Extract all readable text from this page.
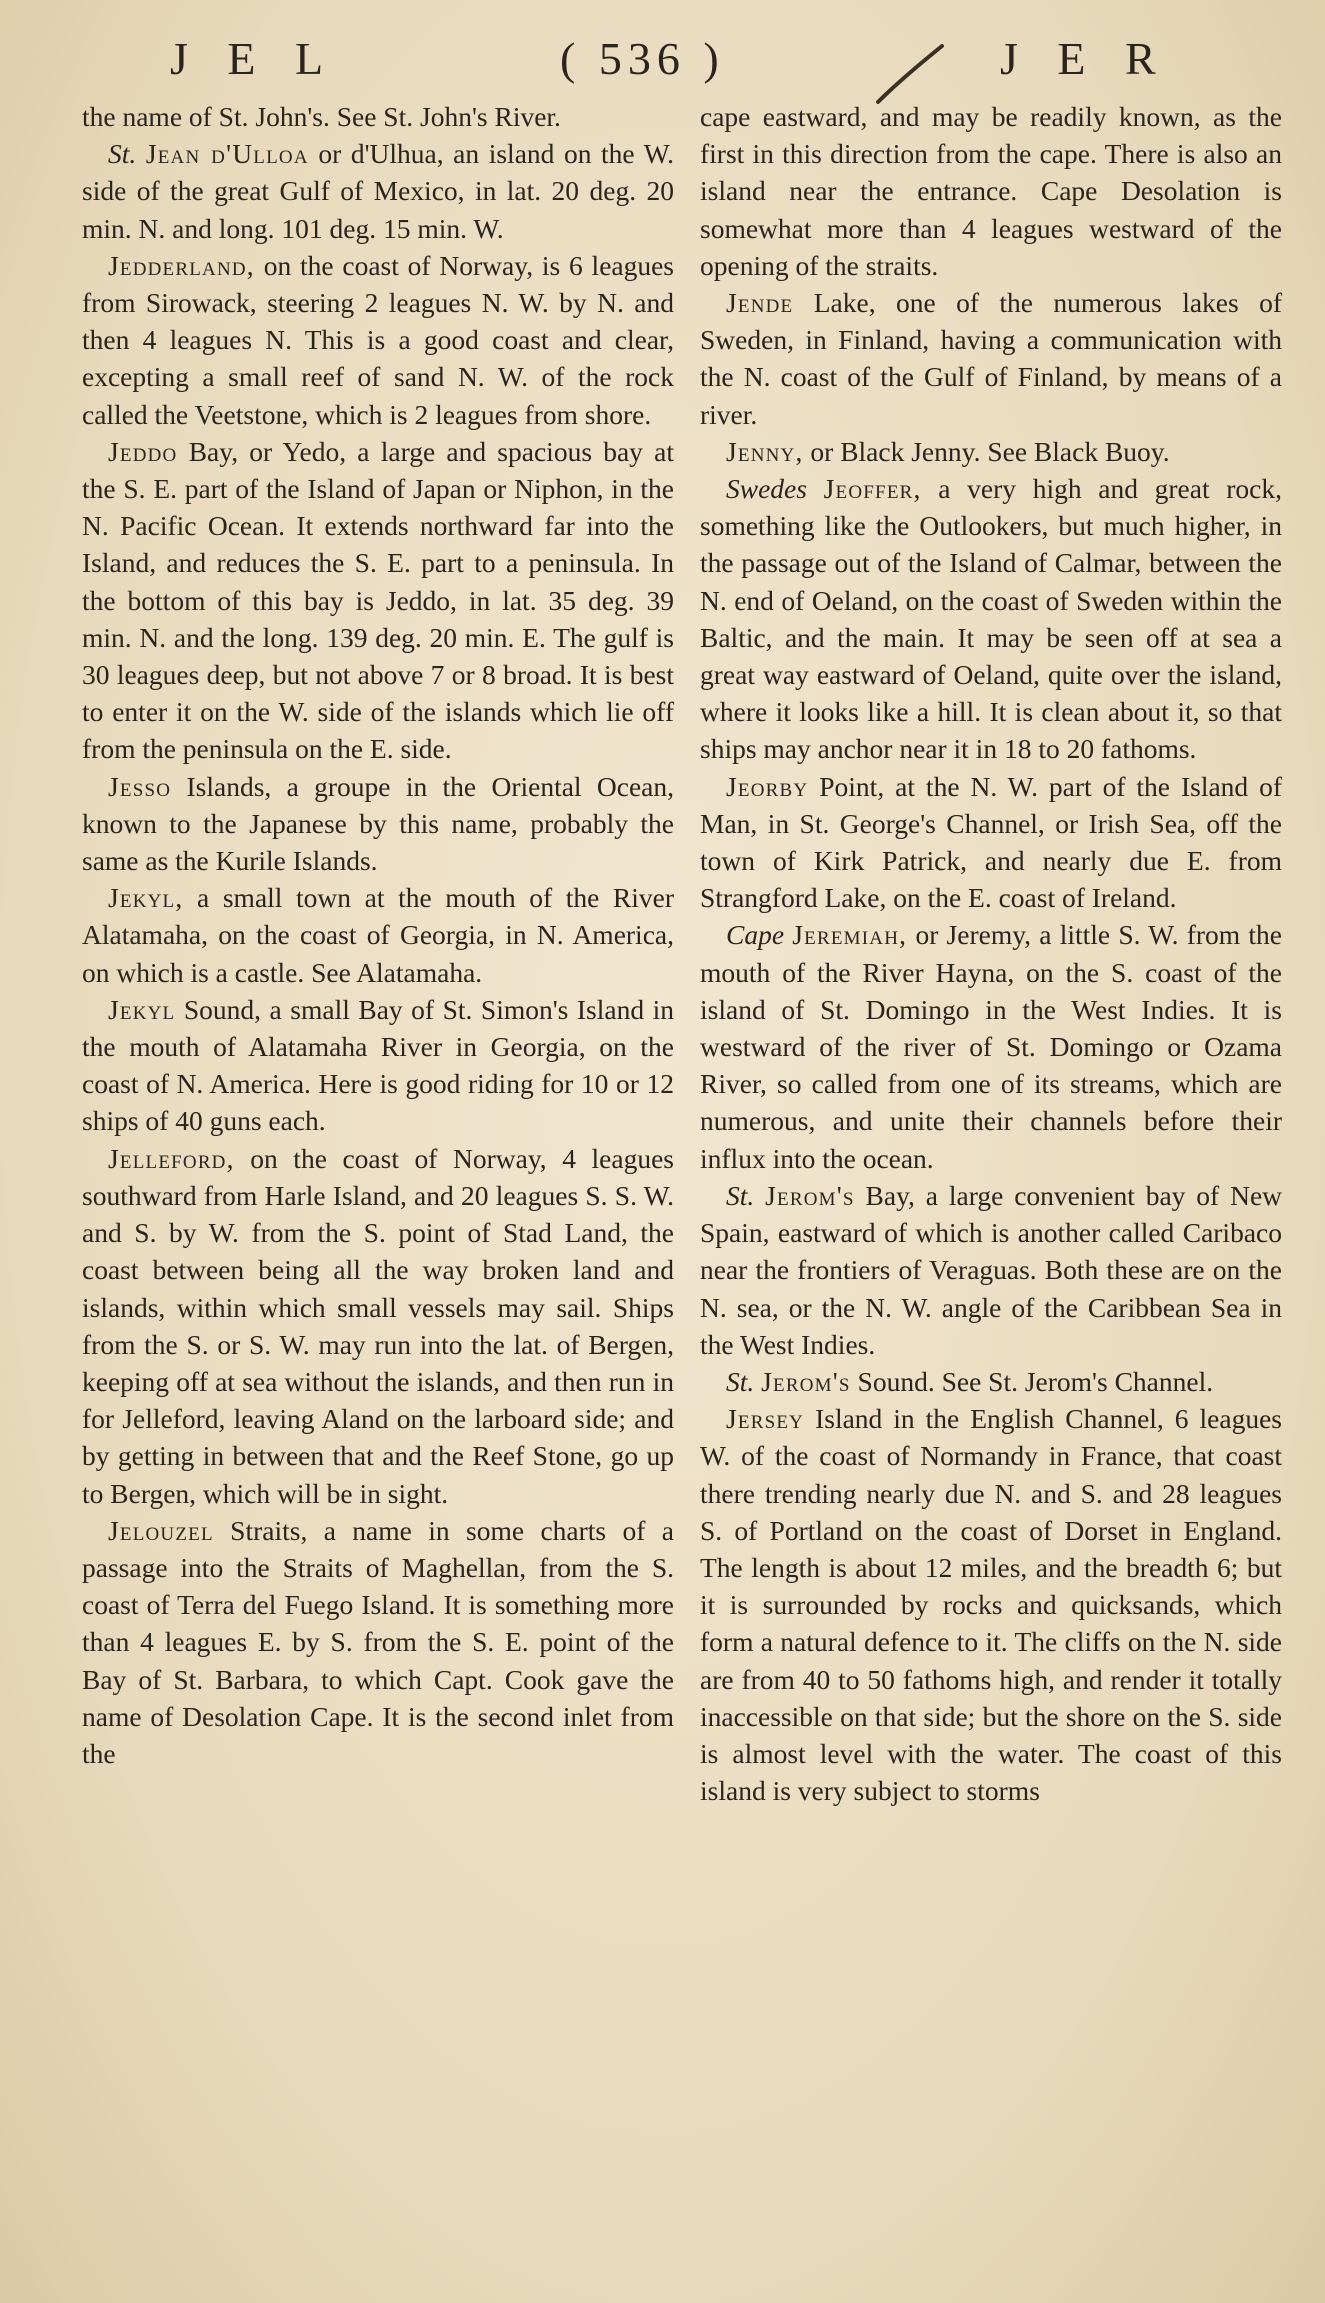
J E L	( 536 )	J E R

the name of St. John's. See St. John's River.

St. Jean d'Ulloa or d'Ulhua, an island on the W. side of the great Gulf of Mexico, in lat. 20 deg. 20 min. N. and long. 101 deg. 15 min. W.

Jedderland, on the coast of Norway, is 6 leagues from Sirowack, steering 2 leagues N. W. by N. and then 4 leagues N. This is a good coast and clear, excepting a small reef of sand N. W. of the rock called the Veetstone, which is 2 leagues from shore.

Jeddo Bay, or Yedo, a large and spacious bay at the S. E. part of the Island of Japan or Niphon, in the N. Pacific Ocean. It extends northward far into the Island, and reduces the S. E. part to a peninsula. In the bottom of this bay is Jeddo, in lat. 35 deg. 39 min. N. and the long. 139 deg. 20 min. E. The gulf is 30 leagues deep, but not above 7 or 8 broad. It is best to enter it on the W. side of the islands which lie off from the peninsula on the E. side.

Jesso Islands, a groupe in the Oriental Ocean, known to the Japanese by this name, probably the same as the Kurile Islands.

Jekyl, a small town at the mouth of the River Alatamaha, on the coast of Georgia, in N. America, on which is a castle. See Alatamaha.

Jekyl Sound, a small Bay of St. Simon's Island in the mouth of Alatamaha River in Georgia, on the coast of N. America. Here is good riding for 10 or 12 ships of 40 guns each.

Jelleford, on the coast of Norway, 4 leagues southward from Harle Island, and 20 leagues S. S. W. and S. by W. from the S. point of Stad Land, the coast between being all the way broken land and islands, within which small vessels may sail. Ships from the S. or S. W. may run into the lat. of Bergen, keeping off at sea without the islands, and then run in for Jelleford, leaving Aland on the larboard side; and by getting in between that and the Reef Stone, go up to Bergen, which will be in sight.

Jelouzel Straits, a name in some charts of a passage into the Straits of Maghellan, from the S. coast of Terra del Fuego Island. It is something more than 4 leagues E. by S. from the S. E. point of the Bay of St. Barbara, to which Capt. Cook gave the name of Desolation Cape. It is the second inlet from the

cape eastward, and may be readily known, as the first in this direction from the cape. There is also an island near the entrance. Cape Desolation is somewhat more than 4 leagues westward of the opening of the straits.

Jende Lake, one of the numerous lakes of Sweden, in Finland, having a communication with the N. coast of the Gulf of Finland, by means of a river.

Jenny, or Black Jenny. See Black Buoy.

Swedes Jeoffer, a very high and great rock, something like the Outlookers, but much higher, in the passage out of the Island of Calmar, between the N. end of Oeland, on the coast of Sweden within the Baltic, and the main. It may be seen off at sea a great way eastward of Oeland, quite over the island, where it looks like a hill. It is clean about it, so that ships may anchor near it in 18 to 20 fathoms.

Jeorby Point, at the N. W. part of the Island of Man, in St. George's Channel, or Irish Sea, off the town of Kirk Patrick, and nearly due E. from Strangford Lake, on the E. coast of Ireland.

Cape Jeremiah, or Jeremy, a little S. W. from the mouth of the River Hayna, on the S. coast of the island of St. Domingo in the West Indies. It is westward of the river of St. Domingo or Ozama River, so called from one of its streams, which are numerous, and unite their channels before their influx into the ocean.

St. Jerom's Bay, a large convenient bay of New Spain, eastward of which is another called Caribaco near the frontiers of Veraguas. Both these are on the N. sea, or the N. W. angle of the Caribbean Sea in the West Indies.

St. Jerom's Sound. See St. Jerom's Channel.

Jersey Island in the English Channel, 6 leagues W. of the coast of Normandy in France, that coast there trending nearly due N. and S. and 28 leagues S. of Portland on the coast of Dorset in England. The length is about 12 miles, and the breadth 6; but it is surrounded by rocks and quicksands, which form a natural defence to it. The cliffs on the N. side are from 40 to 50 fathoms high, and render it totally inaccessible on that side; but the shore on the S. side is almost level with the water. The coast of this island is very subject to storms
